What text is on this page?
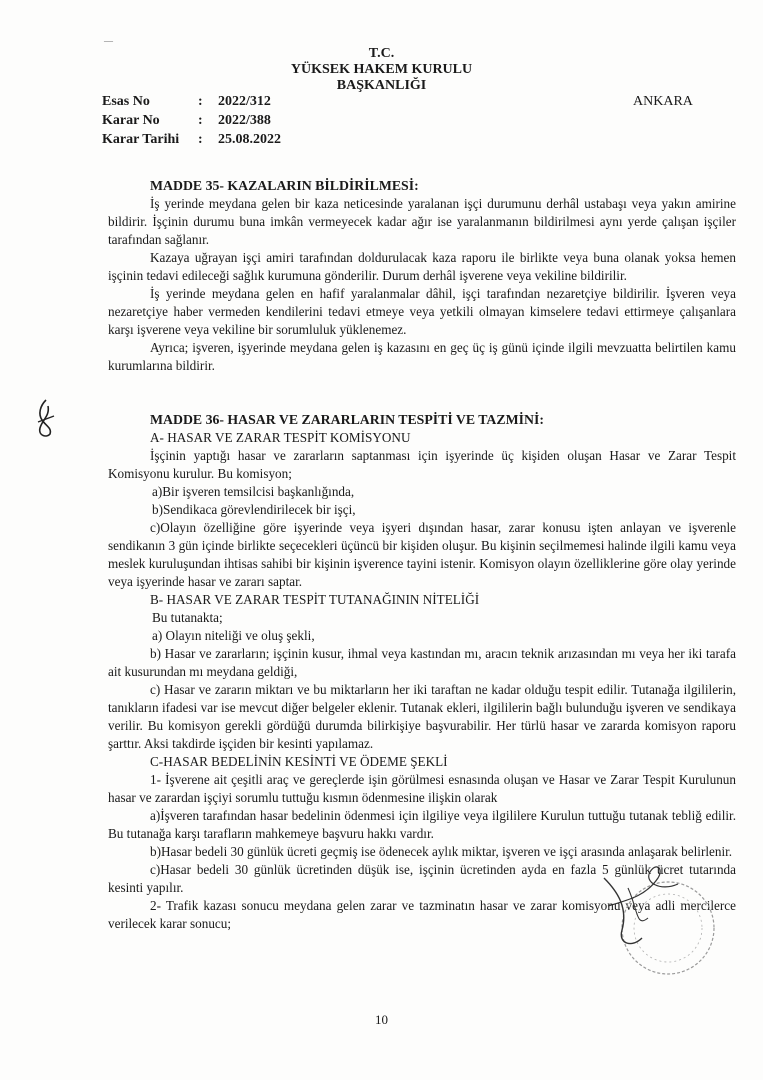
—
T.C.
YÜKSEK HAKEM KURULU
BAŞKANLIĞI
ANKARA
Esas No	: 2022/312
Karar No	: 2022/388
Karar Tarihi : 25.08.2022

MADDE 35- KAZALARIN BİLDİRİLMESİ:

İş yerinde meydana gelen bir kaza neticesinde yaralanan işçi durumunu derhâl ustabaşı veya yakın amirine bildirir. İşçinin durumu buna imkân vermeyecek kadar ağır ise yaralanmanın bildirilmesi aynı yerde çalışan işçiler tarafından sağlanır.

Kazaya uğrayan işçi amiri tarafından doldurulacak kaza raporu ile birlikte veya buna olanak yoksa hemen işçinin tedavi edileceği sağlık kurumuna gönderilir. Durum derhâl işverene veya vekiline bildirilir.

İş yerinde meydana gelen en hafif yaralanmalar dâhil, işçi tarafından nezaretçiye bildirilir. İşveren veya nezaretçiye haber vermeden kendilerini tedavi etmeye veya yetkili olmayan kimselere tedavi ettirmeye çalışanlara karşı işverene veya vekiline bir sorumluluk yüklenemez.

Ayrıca; işveren, işyerinde meydana gelen iş kazasını en geç üç iş günü içinde ilgili mevzuatta belirtilen kamu kurumlarına bildirir.

MADDE 36- HASAR VE ZARARLARIN TESPİTİ VE TAZMİNİ:

A- HASAR VE ZARAR TESPİT KOMİSYONU

İşçinin yaptığı hasar ve zararların saptanması için işyerinde üç kişiden oluşan Hasar ve Zarar Tespit Komisyonu kurulur. Bu komisyon;

a)Bir işveren temsilcisi başkanlığında,

b)Sendikaca görevlendirilecek bir işçi,

c)Olayın özelliğine göre işyerinde veya işyeri dışından hasar, zarar konusu işten anlayan ve işverenle sendikanın 3 gün içinde birlikte seçecekleri üçüncü bir kişiden oluşur. Bu kişinin seçilmemesi halinde ilgili kamu veya meslek kuruluşundan ihtisas sahibi bir kişinin işverence tayini istenir. Komisyon olayın özelliklerine göre olay yerinde veya işyerinde hasar ve zararı saptar.

B- HASAR VE ZARAR TESPİT TUTANAĞININ NİTELİĞİ

Bu tutanakta;

a) Olayın niteliği ve oluş şekli,

b) Hasar ve zararların; işçinin kusur, ihmal veya kastından mı, aracın teknik arızasından mı veya her iki tarafa ait kusurundan mı meydana geldiği,

c) Hasar ve zararın miktarı ve bu miktarların her iki taraftan ne kadar olduğu tespit edilir. Tutanağa ilgililerin, tanıkların ifadesi var ise mevcut diğer belgeler eklenir. Tutanak ekleri, ilgililerin bağlı bulunduğu işveren ve sendikaya verilir. Bu komisyon gerekli gördüğü durumda bilirkişiye başvurabilir. Her türlü hasar ve zararda komisyon raporu şarttır. Aksi takdirde işçiden bir kesinti yapılamaz.

C-HASAR BEDELİNİN KESİNTİ VE ÖDEME ŞEKLİ

1- İşverene ait çeşitli araç ve gereçlerde işin görülmesi esnasında oluşan ve Hasar ve Zarar Tespit Kurulunun hasar ve zarardan işçiyi sorumlu tuttuğu kısmın ödenmesine ilişkin olarak

a)İşveren tarafından hasar bedelinin ödenmesi için ilgiliye veya ilgililere Kurulun tuttuğu tutanak tebliğ edilir. Bu tutanağa karşı tarafların mahkemeye başvuru hakkı vardır.

b)Hasar bedeli 30 günlük ücreti geçmiş ise ödenecek aylık miktar, işveren ve işçi arasında anlaşarak belirlenir.

c)Hasar bedeli 30 günlük ücretinden düşük ise, işçinin ücretinden ayda en fazla 5 günlük ücret tutarında kesinti yapılır.

2- Trafik kazası sonucu meydana gelen zarar ve tazminatın hasar ve zarar komisyonu veya adli mercilerce verilecek karar sonucu;

10
